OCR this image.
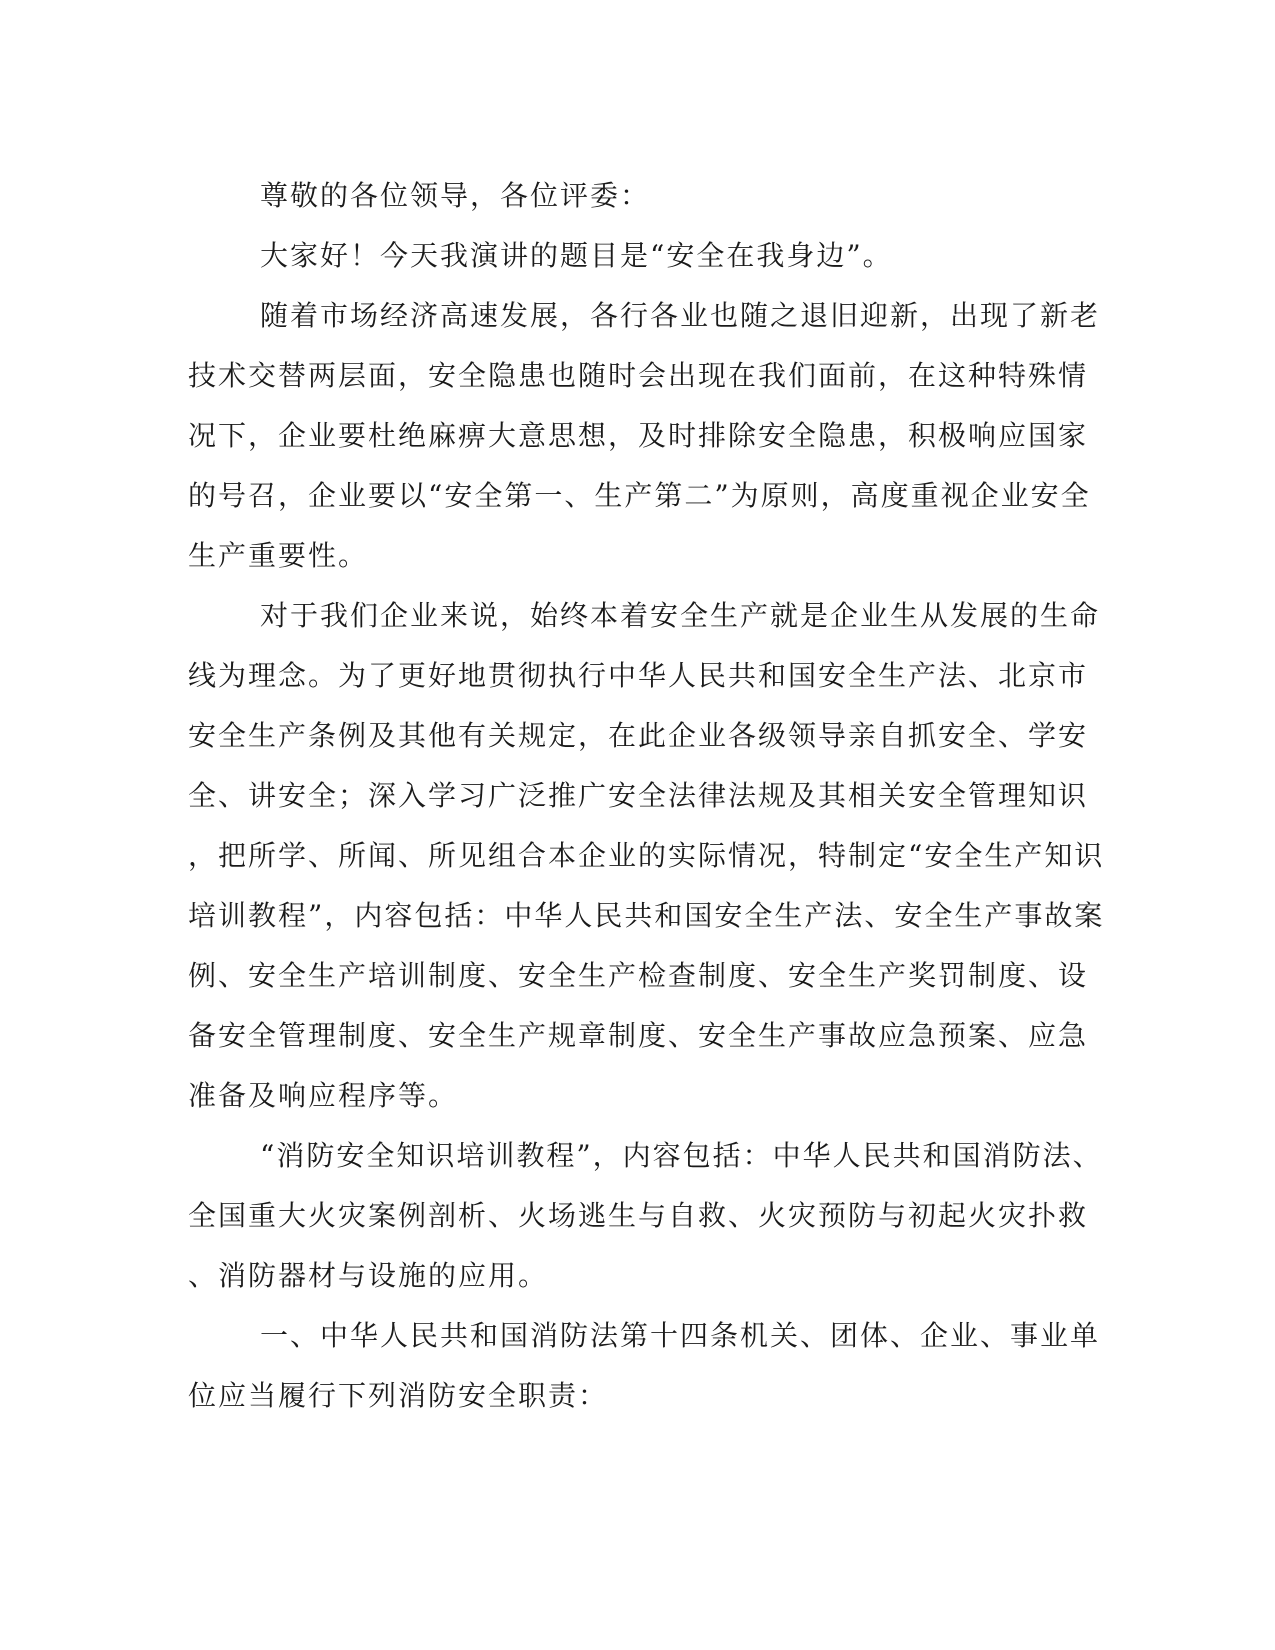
尊敬的各位领导，各位评委：
大家好！今天我演讲的题目是“安全在我身边”。
随着市场经济高速发展，各行各业也随之退旧迎新，出现了新老
技术交替两层面，安全隐患也随时会出现在我们面前，在这种特殊情
况下，企业要杜绝麻痹大意思想，及时排除安全隐患，积极响应国家
的号召，企业要以“安全第一、生产第二”为原则，高度重视企业安全
生产重要性。
对于我们企业来说，始终本着安全生产就是企业生从发展的生命
线为理念。为了更好地贯彻执行中华人民共和国安全生产法、北京市
安全生产条例及其他有关规定，在此企业各级领导亲自抓安全、学安
全、讲安全；深入学习广泛推广安全法律法规及其相关安全管理知识
，把所学、所闻、所见组合本企业的实际情况，特制定“安全生产知识
培训教程”，内容包括：中华人民共和国安全生产法、安全生产事故案
例、安全生产培训制度、安全生产检查制度、安全生产奖罚制度、设
备安全管理制度、安全生产规章制度、安全生产事故应急预案、应急
准备及响应程序等。
“消防安全知识培训教程”，内容包括：中华人民共和国消防法、
全国重大火灾案例剖析、火场逃生与自救、火灾预防与初起火灾扑救
、消防器材与设施的应用。
一、中华人民共和国消防法第十四条机关、团体、企业、事业单
位应当履行下列消防安全职责：
